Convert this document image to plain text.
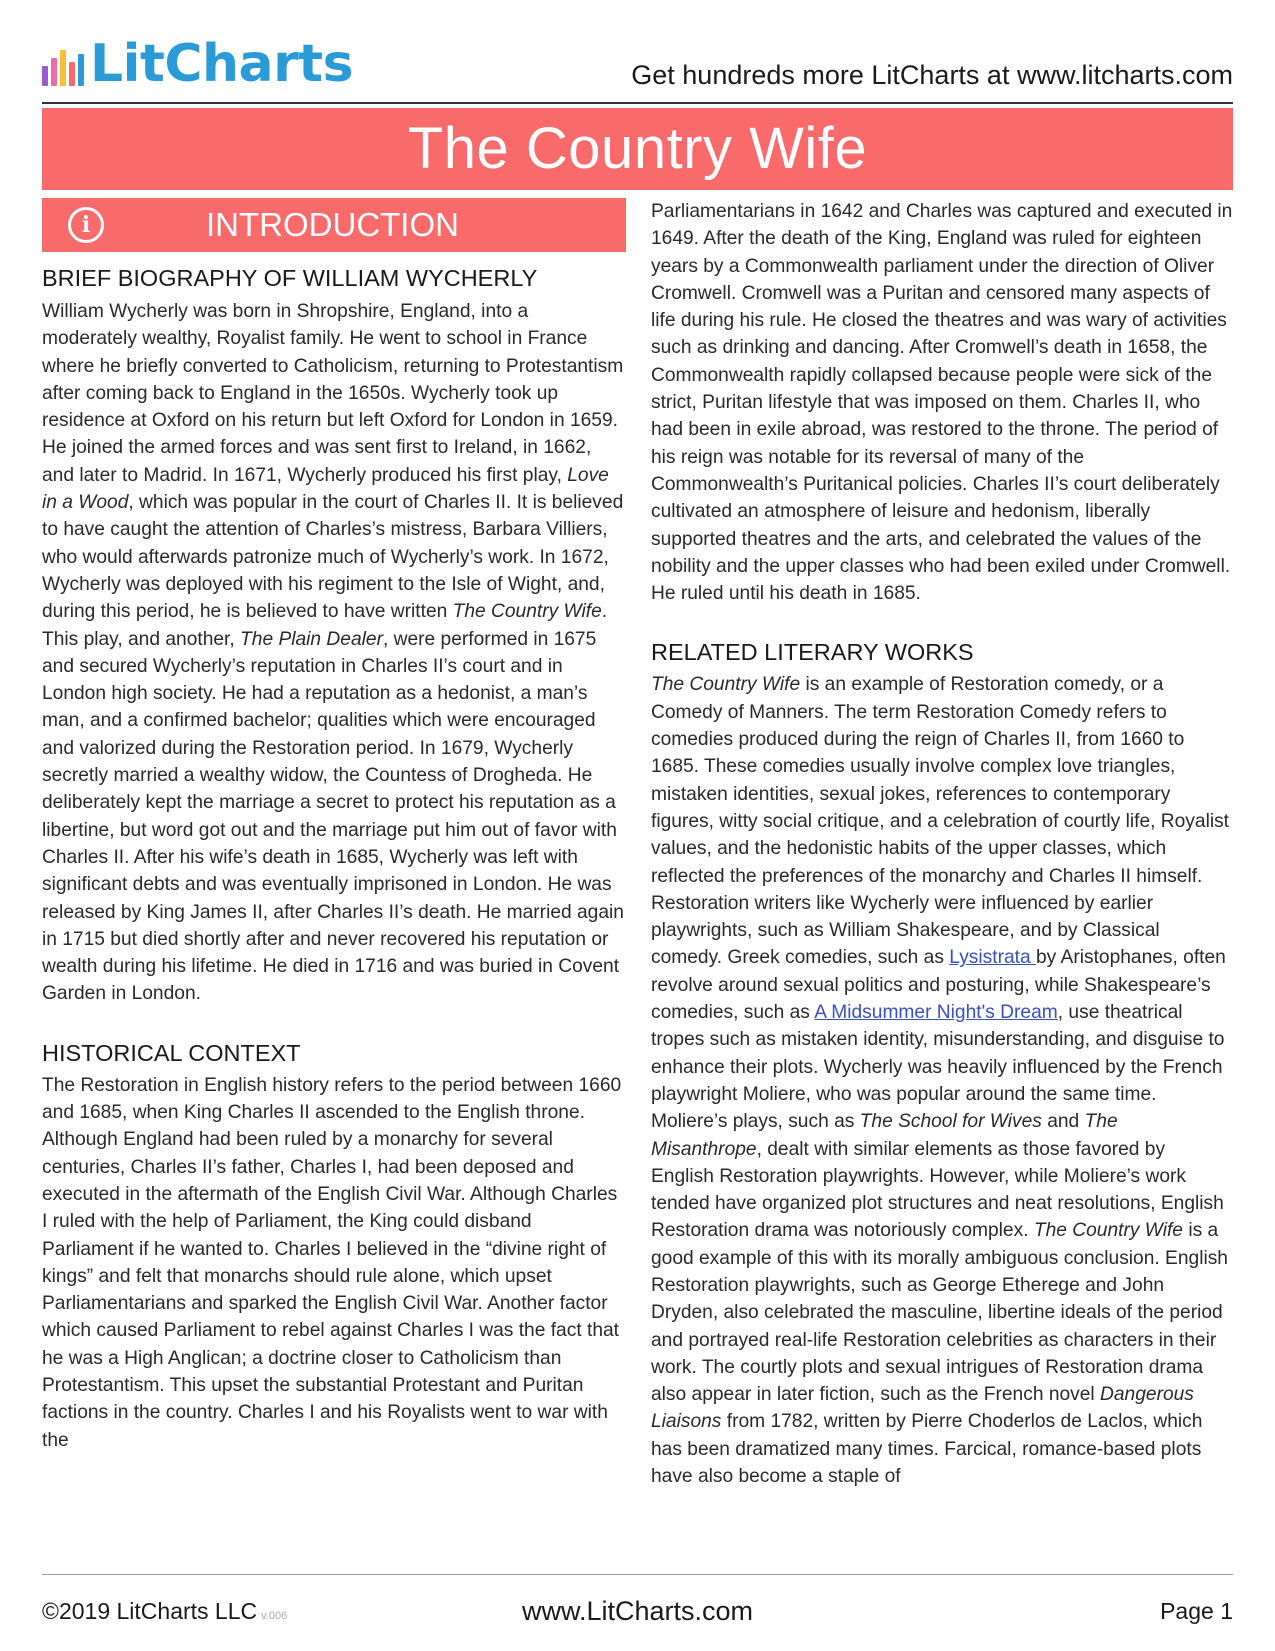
LitCharts	Get hundreds more LitCharts at www.litcharts.com
The Country Wife
i	INTRODUCTION
BRIEF BIOGRAPHY OF WILLIAM WYCHERLY

William Wycherly was born in Shropshire, England, into a moderately wealthy, Royalist family. He went to school in France where he briefly converted to Catholicism, returning to Protestantism after coming back to England in the 1650s. Wycherly took up residence at Oxford on his return but left Oxford for London in 1659. He joined the armed forces and was sent first to Ireland, in 1662, and later to Madrid. In 1671, Wycherly produced his first play, Love in a Wood, which was popular in the court of Charles II. It is believed to have caught the attention of Charles’s mistress, Barbara Villiers, who would afterwards patronize much of Wycherly’s work. In 1672, Wycherly was deployed with his regiment to the Isle of Wight, and, during this period, he is believed to have written The Country Wife. This play, and another, The Plain Dealer, were performed in 1675 and secured Wycherly’s reputation in Charles II’s court and in London high society. He had a reputation as a hedonist, a man’s man, and a confirmed bachelor; qualities which were encouraged and valorized during the Restoration period. In 1679, Wycherly secretly married a wealthy widow, the Countess of Drogheda. He deliberately kept the marriage a secret to protect his reputation as a libertine, but word got out and the marriage put him out of favor with Charles II. After his wife’s death in 1685, Wycherly was left with significant debts and was eventually imprisoned in London. He was released by King James II, after Charles II’s death. He married again in 1715 but died shortly after and never recovered his reputation or wealth during his lifetime. He died in 1716 and was buried in Covent Garden in London.

HISTORICAL CONTEXT

The Restoration in English history refers to the period between 1660 and 1685, when King Charles II ascended to the English throne. Although England had been ruled by a monarchy for several centuries, Charles II’s father, Charles I, had been deposed and executed in the aftermath of the English Civil War. Although Charles I ruled with the help of Parliament, the King could disband Parliament if he wanted to. Charles I believed in the “divine right of kings” and felt that monarchs should rule alone, which upset Parliamentarians and sparked the English Civil War. Another factor which caused Parliament to rebel against Charles I was the fact that he was a High Anglican; a doctrine closer to Catholicism than Protestantism. This upset the substantial Protestant and Puritan factions in the country. Charles I and his Royalists went to war with the

Parliamentarians in 1642 and Charles was captured and executed in 1649. After the death of the King, England was ruled for eighteen years by a Commonwealth parliament under the direction of Oliver Cromwell. Cromwell was a Puritan and censored many aspects of life during his rule. He closed the theatres and was wary of activities such as drinking and dancing. After Cromwell’s death in 1658, the Commonwealth rapidly collapsed because people were sick of the strict, Puritan lifestyle that was imposed on them. Charles II, who had been in exile abroad, was restored to the throne. The period of his reign was notable for its reversal of many of the Commonwealth’s Puritanical policies. Charles II’s court deliberately cultivated an atmosphere of leisure and hedonism, liberally supported theatres and the arts, and celebrated the values of the nobility and the upper classes who had been exiled under Cromwell. He ruled until his death in 1685.

RELATED LITERARY WORKS

The Country Wife is an example of Restoration comedy, or a Comedy of Manners. The term Restoration Comedy refers to comedies produced during the reign of Charles II, from 1660 to 1685. These comedies usually involve complex love triangles, mistaken identities, sexual jokes, references to contemporary figures, witty social critique, and a celebration of courtly life, Royalist values, and the hedonistic habits of the upper classes, which reflected the preferences of the monarchy and Charles II himself. Restoration writers like Wycherly were influenced by earlier playwrights, such as William Shakespeare, and by Classical comedy. Greek comedies, such as Lysistrata by Aristophanes, often revolve around sexual politics and posturing, while Shakespeare’s comedies, such as A Midsummer Night's Dream, use theatrical tropes such as mistaken identity, misunderstanding, and disguise to enhance their plots. Wycherly was heavily influenced by the French playwright Moliere, who was popular around the same time. Moliere’s plays, such as The School for Wives and The Misanthrope, dealt with similar elements as those favored by English Restoration playwrights. However, while Moliere’s work tended have organized plot structures and neat resolutions, English Restoration drama was notoriously complex. The Country Wife is a good example of this with its morally ambiguous conclusion. English Restoration playwrights, such as George Etherege and John Dryden, also celebrated the masculine, libertine ideals of the period and portrayed real-life Restoration celebrities as characters in their work. The courtly plots and sexual intrigues of Restoration drama also appear in later fiction, such as the French novel Dangerous Liaisons from 1782, written by Pierre Choderlos de Laclos, which has been dramatized many times. Farcical, romance-based plots have also become a staple of

©2019 LitCharts LLC v.006	www.LitCharts.com	Page 1
